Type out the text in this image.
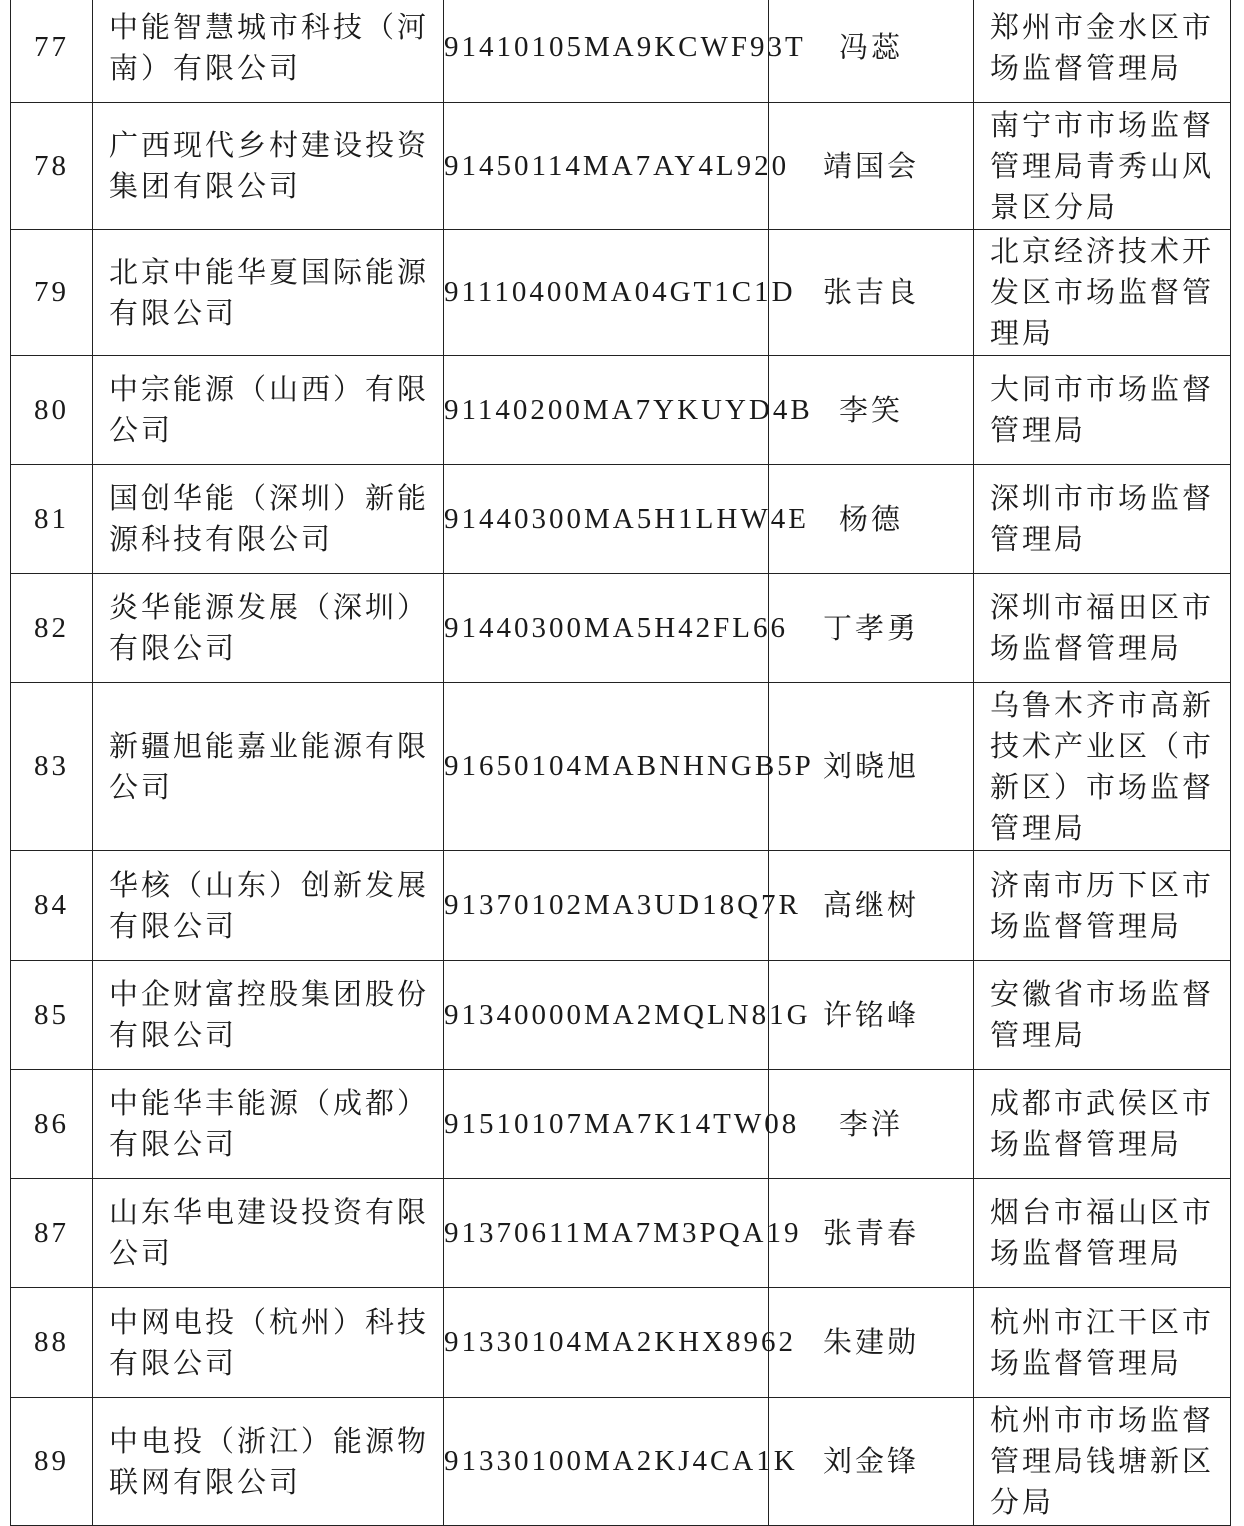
77	中能智慧城市科技（河南）有限公司	91410105MA9KCWF93T	冯蕊	郑州市金水区市场监督管理局
78	广西现代乡村建设投资集团有限公司	91450114MA7AY4L920	靖国会	南宁市市场监督管理局青秀山风景区分局
79	北京中能华夏国际能源有限公司	91110400MA04GT1C1D	张吉良	北京经济技术开发区市场监督管理局
80	中宗能源（山西）有限公司	91140200MA7YKUYD4B	李笑	大同市市场监督管理局
81	国创华能（深圳）新能源科技有限公司	91440300MA5H1LHW4E	杨德	深圳市市场监督管理局
82	炎华能源发展（深圳）有限公司	91440300MA5H42FL66	丁孝勇	深圳市福田区市场监督管理局
83	新疆旭能嘉业能源有限公司	91650104MABNHNGB5P	刘晓旭	乌鲁木齐市高新技术产业区（市新区）市场监督管理局
84	华核（山东）创新发展有限公司	91370102MA3UD18Q7R	高继树	济南市历下区市场监督管理局
85	中企财富控股集团股份有限公司	91340000MA2MQLN81G	许铭峰	安徽省市场监督管理局
86	中能华丰能源（成都）有限公司	91510107MA7K14TW08	李洋	成都市武侯区市场监督管理局
87	山东华电建设投资有限公司	91370611MA7M3PQA19	张青春	烟台市福山区市场监督管理局
88	中网电投（杭州）科技有限公司	91330104MA2KHX8962	朱建勋	杭州市江干区市场监督管理局
89	中电投（浙江）能源物联网有限公司	91330100MA2KJ4CA1K	刘金锋	杭州市市场监督管理局钱塘新区分局
